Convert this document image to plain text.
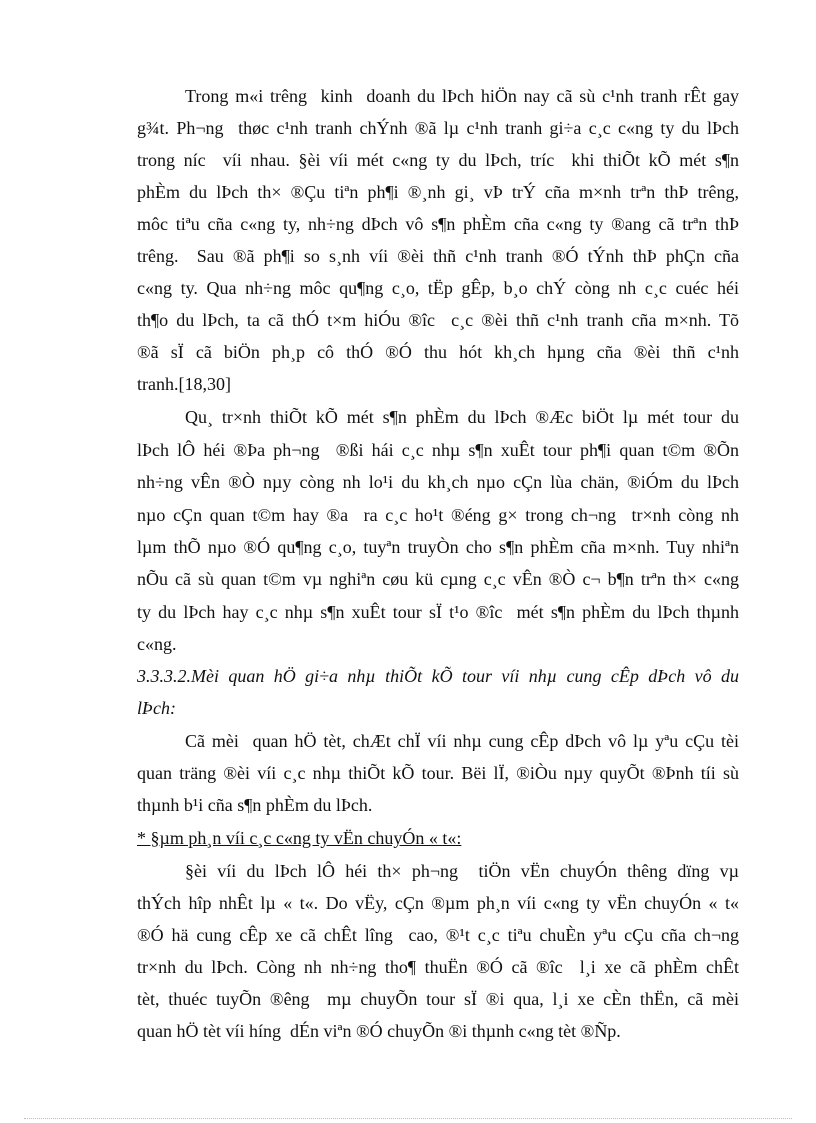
Trong m«i trêng  kinh  doanh du lÞch hiÖn nay cã sù c¹nh tranh rÊt gay
g¾t. Ph¬ng  thøc c¹nh tranh chÝnh ®ã lµ c¹nh tranh gi÷a c¸c c«ng ty du lÞch
trong níc  víi nhau. §èi víi mét c«ng ty du lÞch, tríc  khi thiÕt kÕ mét s¶n
phÈm du lÞch th× ®Çu tiªn ph¶i ®¸nh gi¸ vÞ trÝ cña m×nh trªn thÞ trêng,
môc tiªu cña c«ng ty, nh÷ng dÞch vô s¶n phÈm cña c«ng ty ®ang cã trªn thÞ
trêng.  Sau ®ã ph¶i so s¸nh víi ®èi thñ c¹nh tranh ®Ó tÝnh thÞ phÇn cña
c«ng ty. Qua nh÷ng môc qu¶ng c¸o, tËp gÊp, b¸o chÝ còng nh c¸c cuéc héi
th¶o du lÞch, ta cã thÓ t×m hiÓu ®îc  c¸c ®èi thñ c¹nh tranh cña m×nh. Tõ
®ã sÏ cã biÖn ph¸p cô thÓ ®Ó thu hót kh¸ch hµng cña ®èi thñ c¹nh
tranh.[18,30]
Qu¸ tr×nh thiÕt kÕ mét s¶n phÈm du lÞch ®Æc biÖt lµ mét tour du
lÞch lÔ héi ®Þa ph¬ng  ®ßi hái c¸c nhµ s¶n xuÊt tour ph¶i quan t©m ®Õn
nh÷ng vÊn ®Ò nµy còng nh lo¹i du kh¸ch nµo cÇn lùa chän, ®iÓm du lÞch
nµo cÇn quan t©m hay ®a  ra c¸c ho¹t ®éng g× trong ch¬ng  tr×nh còng nh
lµm thÕ nµo ®Ó qu¶ng c¸o, tuyªn truyÒn cho s¶n phÈm cña m×nh. Tuy nhiªn
nÕu cã sù quan t©m vµ nghiªn cøu kü cµng c¸c vÊn ®Ò c¬ b¶n trªn th× c«ng
ty du lÞch hay c¸c nhµ s¶n xuÊt tour sÏ t¹o ®îc  mét s¶n phÈm du lÞch thµnh
c«ng.
3.3.3.2.Mèi quan hÖ gi÷a nhµ thiÕt kÕ tour víi nhµ cung cÊp dÞch vô du
lÞch:
Cã mèi  quan hÖ tèt, chÆt chÏ víi nhµ cung cÊp dÞch vô lµ yªu cÇu tèi
quan träng ®èi víi c¸c nhµ thiÕt kÕ tour. Bëi lÏ, ®iÒu nµy quyÕt ®Þnh tíi sù
thµnh b¹i cña s¶n phÈm du lÞch.
* §µm ph¸n víi c¸c c«ng ty vËn chuyÓn « t«:
§èi víi du lÞch lÔ héi th× ph¬ng  tiÖn vËn chuyÓn thêng dïng vµ
thÝch hîp nhÊt lµ « t«. Do vËy, cÇn ®µm ph¸n víi c«ng ty vËn chuyÓn « t«
®Ó hä cung cÊp xe cã chÊt lîng  cao, ®¹t c¸c tiªu chuÈn yªu cÇu cña ch¬ng
tr×nh du lÞch. Còng nh nh÷ng tho¶ thuËn ®Ó cã ®îc  l¸i xe cã phÈm chÊt
tèt, thuéc tuyÕn ®êng  mµ chuyÕn tour sÏ ®i qua, l¸i xe cÈn thËn, cã mèi
quan hÖ tèt víi híng  dÉn viªn ®Ó chuyÕn ®i thµnh c«ng tèt ®Ñp.
